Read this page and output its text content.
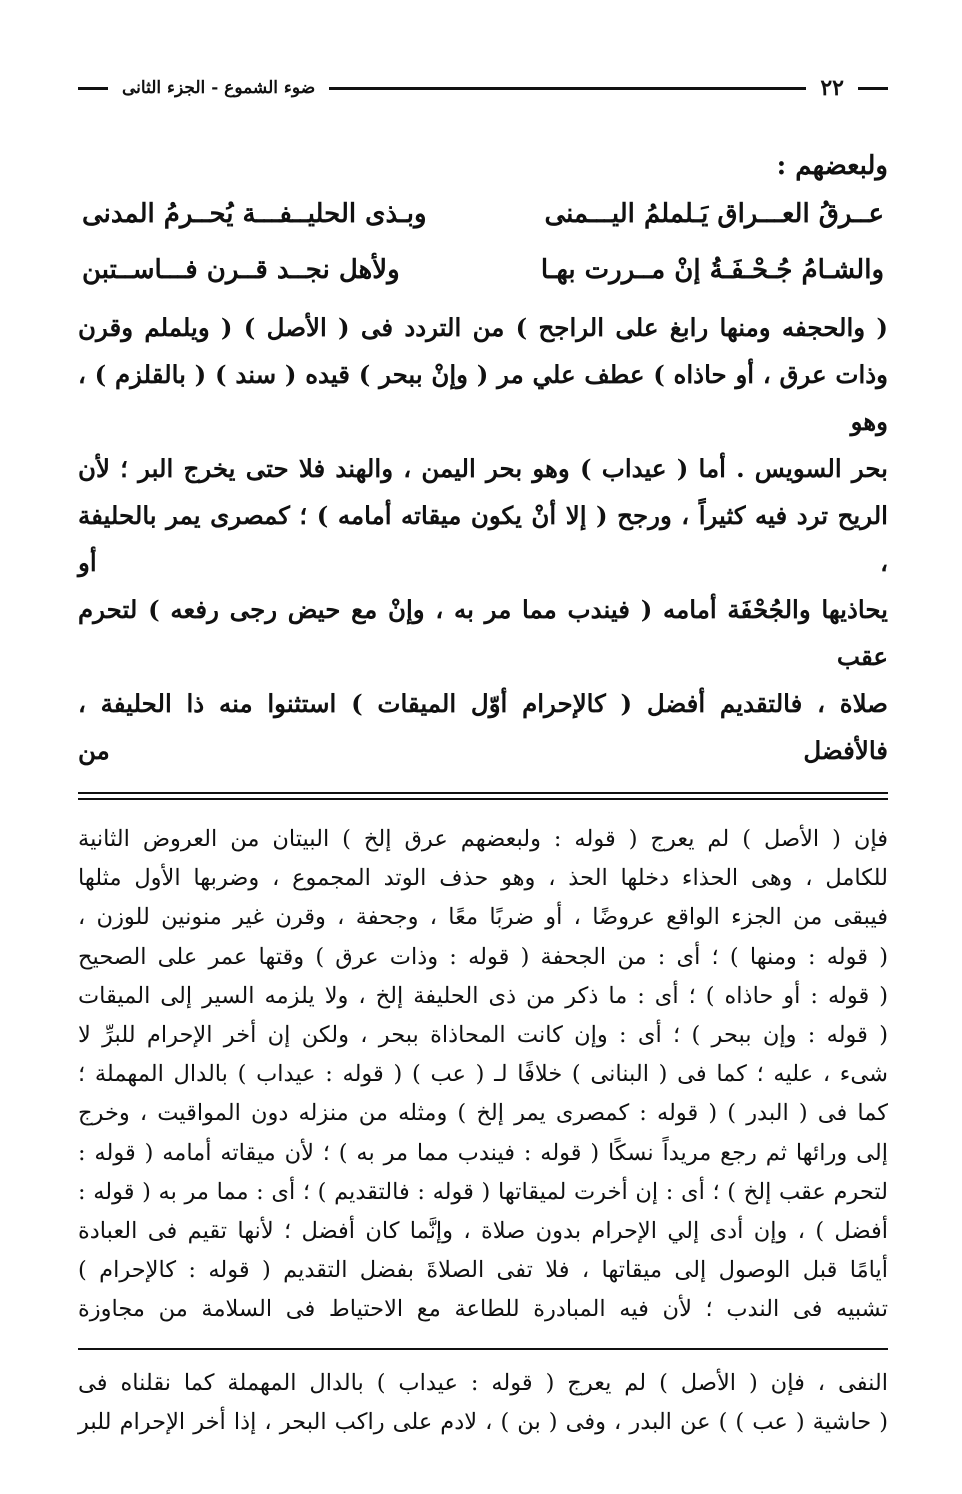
٢٢
ضوء الشموع - الجزء الثانى
ولبعضهم :
عــرقُ العـــراق يَـلملمُ اليـــمنى
وبـذى الحليــفـــة يُحــرمُ المدنى
والشـامُ جُـحْـفَـةُ إنْ مــررت بهـا
ولأهل نجــد قــرن فـــاســتبن

( والحجفه ومنها رابغ على الراجح ) من التردد فى ( الأصل ) ( ويلملم وقرن

وذات عرق ، أو حاذاه ) عطف علي مر ( وإنْ ببحر ) قيده ( سند ) ( بالقلزم ) ، وهو

بحر السويس . أما ( عيداب ) وهو بحر اليمن ، والهند فلا حتى يخرج البر ؛ لأن

الريح ترد فيه كثيراً ، ورجح ( إلا أنْ يكون ميقاته أمامه ) ؛ كمصرى يمر بالحليفة ، أو

يحاذيها والجُحْفَة أمامه ( فيندب مما مر به ، وإنْ مع حيض رجى رفعه ) لتحرم عقب

صلاة ، فالتقديم أفضل ( كالإحرام أوّل الميقات ) استثنوا منه ذا الحليفة ، فالأفضل من

فإن ( الأصل ) لم يعرج ( قوله : ولبعضهم عرق إلخ ) البيتان من العروض الثانية

للكامل ، وهى الحذاء دخلها الحذ ، وهو حذف الوتد المجموع ، وضربها الأول مثلها

فيبقى من الجزء الواقع عروضًا ، أو ضربًا معًا ، وجحفة ، وقرن غير منونين للوزن ،

( قوله : ومنها ) ؛ أى : من الجحفة ( قوله : وذات عرق ) وقتها عمر على الصحيح

( قوله : أو حاذاه ) ؛ أى : ما ذكر من ذى الحليفة إلخ ، ولا يلزمه السير إلى الميقات

( قوله : وإن ببحر ) ؛ أى : وإن كانت المحاذاة ببحر ، ولكن إن أخر الإحرام للبرِّ لا

شىء ، عليه ؛ كما فى ( البنانى ) خلافًا لـ ( عب ) ( قوله : عيداب ) بالدال المهملة ؛

كما فى ( البدر ) ( قوله : كمصرى يمر إلخ ) ومثله من منزله دون المواقيت ، وخرج

إلى ورائها ثم رجع مريداً نسكًا ( قوله : فيندب مما مر به ) ؛ لأن ميقاته أمامه ( قوله :

لتحرم عقب إلخ ) ؛ أى : إن أخرت لميقاتها ( قوله : فالتقديم ) ؛ أى : مما مر به ( قوله :

أفضل ) ، وإن أدى إلي الإحرام بدون صلاة ، وإنَّما كان أفضل ؛ لأنها تقيم فى العبادة

أيامًا قبل الوصول إلى ميقاتها ، فلا تفى الصلاةَ بفضل التقديم ( قوله : كالإحرام )

تشبيه فى الندب ؛ لأن فيه المبادرة للطاعة مع الاحتياط فى السلامة من مجاوزة

النفى ، فإن ( الأصل ) لم يعرج ( قوله : عيداب ) بالدال المهملة كما نقلناه فى

( حاشية ( عب ) ) عن البدر ، وفى ( بن ) ، لادم على راكب البحر ، إذا أخر الإحرام للبر
